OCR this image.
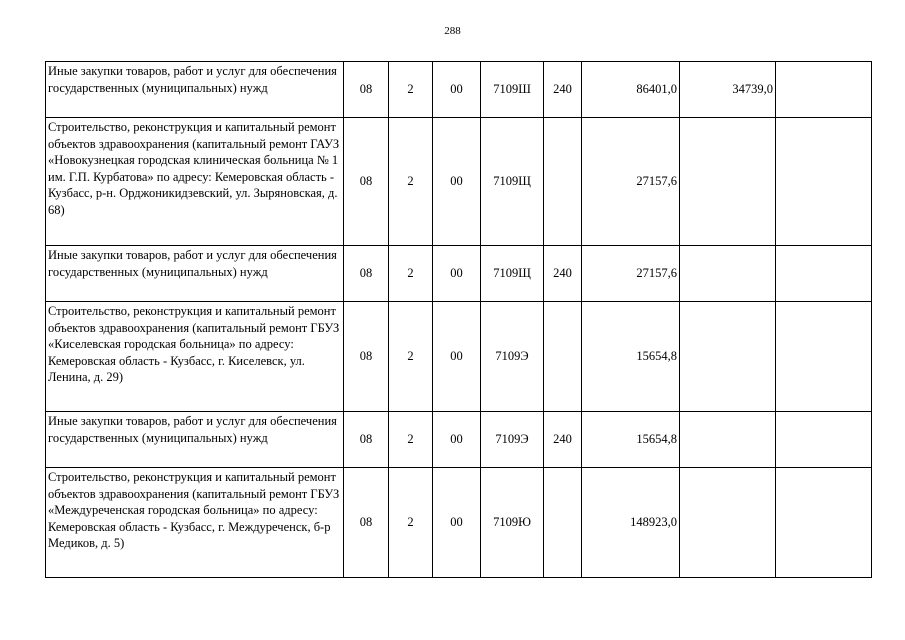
288
Иные закупки товаров, работ и услуг для обеспечения государственных (муниципальных) нужд	08	2	00	7109Ш	240	86401,0	34739,0	
Строительство, реконструкция и капитальный ремонт объектов здравоохранения (капитальный ремонт ГАУЗ «Новокузнецкая городская клиническая больница № 1 им. Г.П. Курбатова» по адресу: Кемеровская область - Кузбасс, р-н. Орджоникидзевский, ул. Зыряновская, д. 68)	08	2	00	7109Щ		27157,6		
Иные закупки товаров, работ и услуг для обеспечения государственных (муниципальных) нужд	08	2	00	7109Щ	240	27157,6		
Строительство, реконструкция и капитальный ремонт объектов здравоохранения (капитальный ремонт ГБУЗ «Киселевская городская больница» по адресу: Кемеровская область - Кузбасс, г. Киселевск, ул. Ленина, д. 29)	08	2	00	7109Э		15654,8		
Иные закупки товаров, работ и услуг для обеспечения государственных (муниципальных) нужд	08	2	00	7109Э	240	15654,8		
Строительство, реконструкция и капитальный ремонт объектов здравоохранения (капитальный ремонт ГБУЗ «Междуреченская городская больница» по адресу: Кемеровская область - Кузбасс, г. Междуреченск, б-р Медиков, д. 5)	08	2	00	7109Ю		148923,0		
